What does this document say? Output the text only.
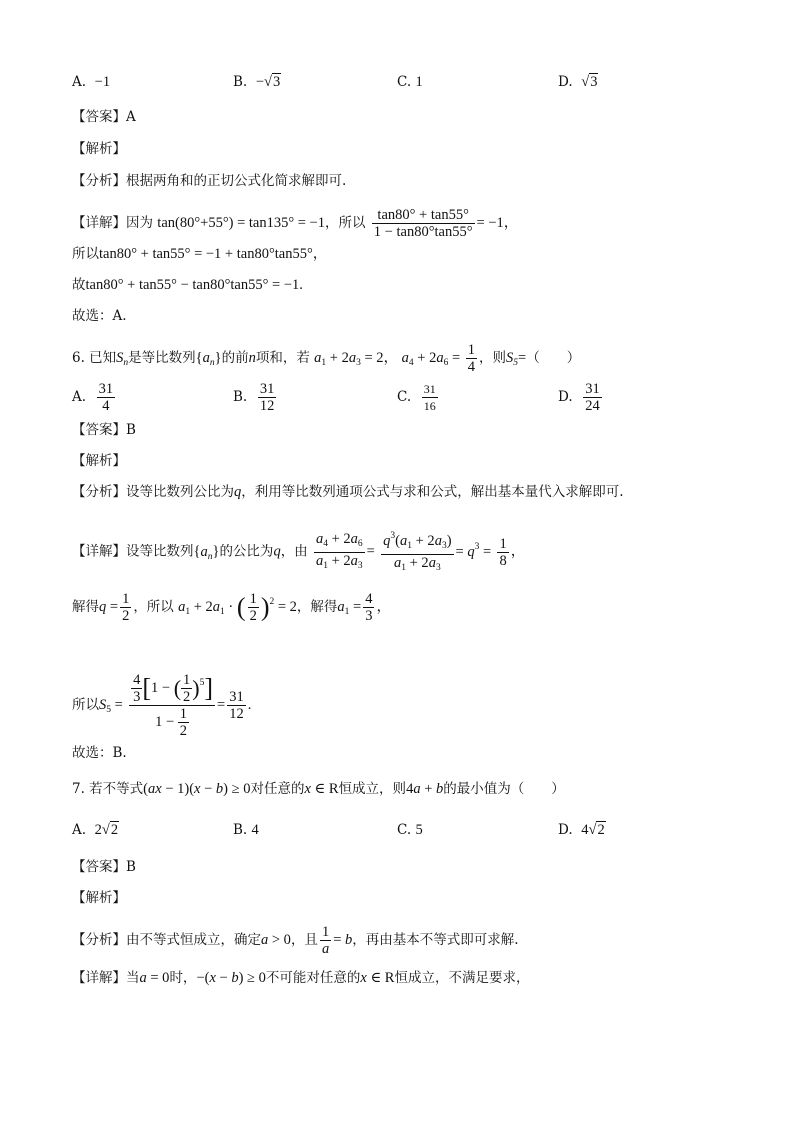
A. −1	B. −√3	C. 1	D. √3
【答案】A
【解析】
【分析】根据两角和的正切公式化简求解即可.
【详解】因为 tan(80°+55°) = tan135° = −1，所以 $\frac{\tan 80^\circ + \tan 55^\circ}{1 - \tan 80^\circ\tan 55^\circ} = -1$，
所以tan80° + tan55° = −1 + tan80°tan55°，
故tan80° + tan55° − tan80°tan55° = −1.
故选：A.
6. 已知$S_n$是等比数列$\{a_n\}$的前n项和，若 $a_1 + 2a_3 = 2$， $a_4 + 2a_6 = \frac{1}{4}$ ，则$S_5=$（　　）
A. $\frac{31}{4}$	B. $\frac{31}{12}$	C. $\frac{31}{16}$	D. $\frac{31}{24}$
【答案】B
【解析】
【分析】设等比数列公比为q，利用等比数列通项公式与求和公式，解出基本量代入求解即可.
【详解】设等比数列$\{a_n\}$的公比为q，由 $\frac{a_4 + 2a_6}{a_1 + 2a_3} = \frac{q^3(a_1 + 2a_3)}{a_1 + 2a_3} = q^3 = \frac{1}{8}$ ，
解得$q = \frac{1}{2}$ ，所以 $a_1 + 2a_1$ · ( $\frac{1}{2} )^2 = 2$，解得$a_1 = \frac{4}{3}$ ，
所以$S_5 = \frac{\frac{4}{3} [1 - ( \frac{1}{2} )^5]}{1 - \frac{1}{2}} = \frac{31}{12}$ .
故选：B.
7. 若不等式(ax − 1)(x − b) ≥ 0对任意的x ∈ R恒成立，则4a + b的最小值为（　　）
A. 2√2	B. 4	C. 5	D. 4√2
【答案】B
【解析】
【分析】由不等式恒成立，确定a > 0，且 $\frac{1}{a} = b$，再由基本不等式即可求解.
【详解】当a = 0时，−(x − b) ≥ 0不可能对任意的x ∈ R恒成立，不满足要求，
